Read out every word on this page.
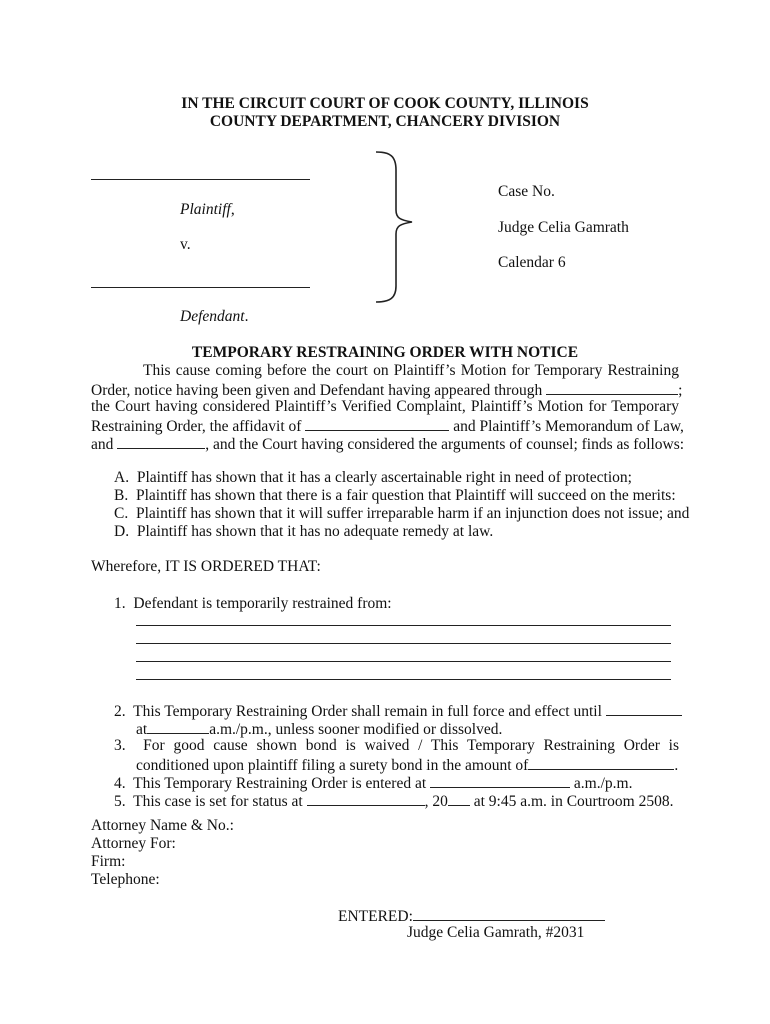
IN THE CIRCUIT COURT OF COOK COUNTY, ILLINOIS
COUNTY DEPARTMENT, CHANCERY DIVISION
Plaintiff,
v.
Defendant.
Case No.
Judge Celia Gamrath
Calendar 6
TEMPORARY RESTRAINING ORDER WITH NOTICE
This cause coming before the court on Plaintiff’s Motion for Temporary Restraining
Order, notice having been given and Defendant having appeared through	;
the Court having considered Plaintiff’s Verified Complaint, Plaintiff’s Motion for Temporary
Restraining Order, the affidavit of	and Plaintiff’s Memorandum of Law,
and	, and the Court having considered the arguments of counsel; finds as follows:
A. Plaintiff has shown that it has a clearly ascertainable right in need of protection;
B. Plaintiff has shown that there is a fair question that Plaintiff will succeed on the merits:
C. Plaintiff has shown that it will suffer irreparable harm if an injunction does not issue; and
D. Plaintiff has shown that it has no adequate remedy at law.
Wherefore, IT IS ORDERED THAT:
1. Defendant is temporarily restrained from:
2. This Temporary Restraining Order shall remain in full force and effect until
at	a.m./p.m., unless sooner modified or dissolved.
3. For good cause shown bond is waived / This Temporary Restraining Order is
conditioned upon plaintiff filing a surety bond in the amount of	.
4. This Temporary Restraining Order is entered at	a.m./p.m.
5. This case is set for status at	, 20 at 9:45 a.m. in Courtroom 2508.
Attorney Name & No.:
Attorney For:
Firm:
Telephone:
ENTERED:
Judge Celia Gamrath, #2031
